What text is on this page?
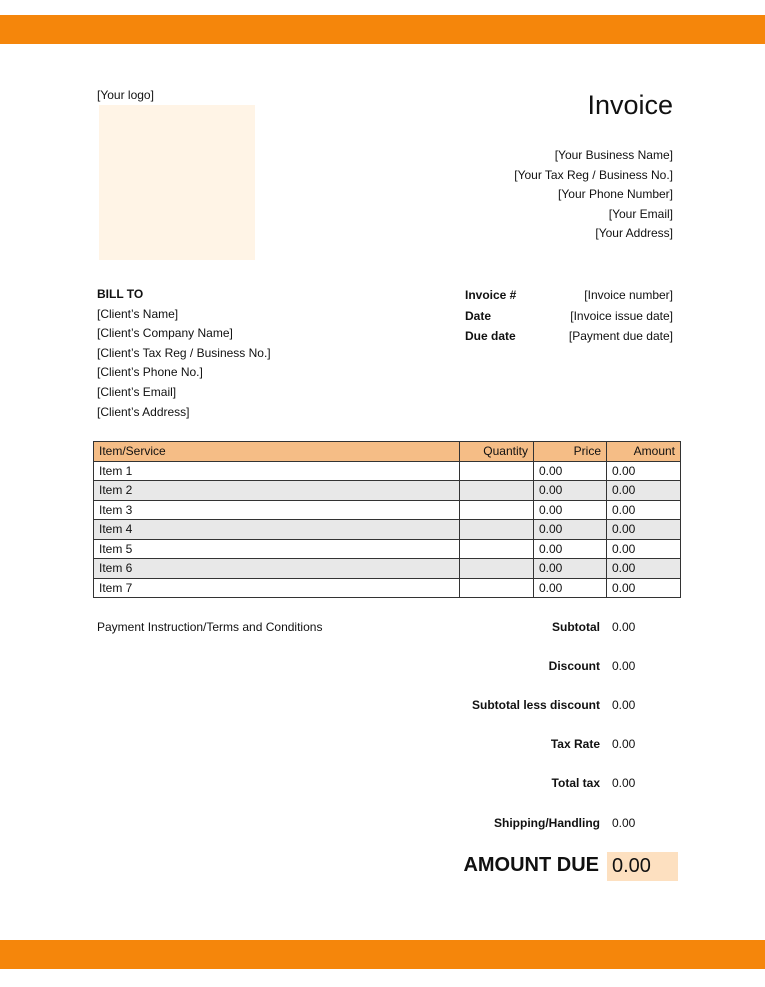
[Your logo]	Invoice
[Your Business Name]
[Your Tax Reg / Business No.]
[Your Phone Number]
[Your Email]
[Your Address]
BILL TO
[Client’s Name]
[Client’s Company Name]
[Client’s Tax Reg / Business No.]
[Client’s Phone No.]
[Client’s Email]
[Client’s Address]
Invoice #	[Invoice number]
Date	[Invoice issue date]
Due date	[Payment due date]
Item/Service	Quantity	Price	Amount
Item 1		0.00	0.00
Item 2		0.00	0.00
Item 3		0.00	0.00
Item 4		0.00	0.00
Item 5		0.00	0.00
Item 6		0.00	0.00
Item 7		0.00	0.00
Payment Instruction/Terms and Conditions	Subtotal 0.00
Discount 0.00
Subtotal less discount 0.00
Tax Rate 0.00
Total tax 0.00
Shipping/Handling 0.00
AMOUNT DUE 0.00
